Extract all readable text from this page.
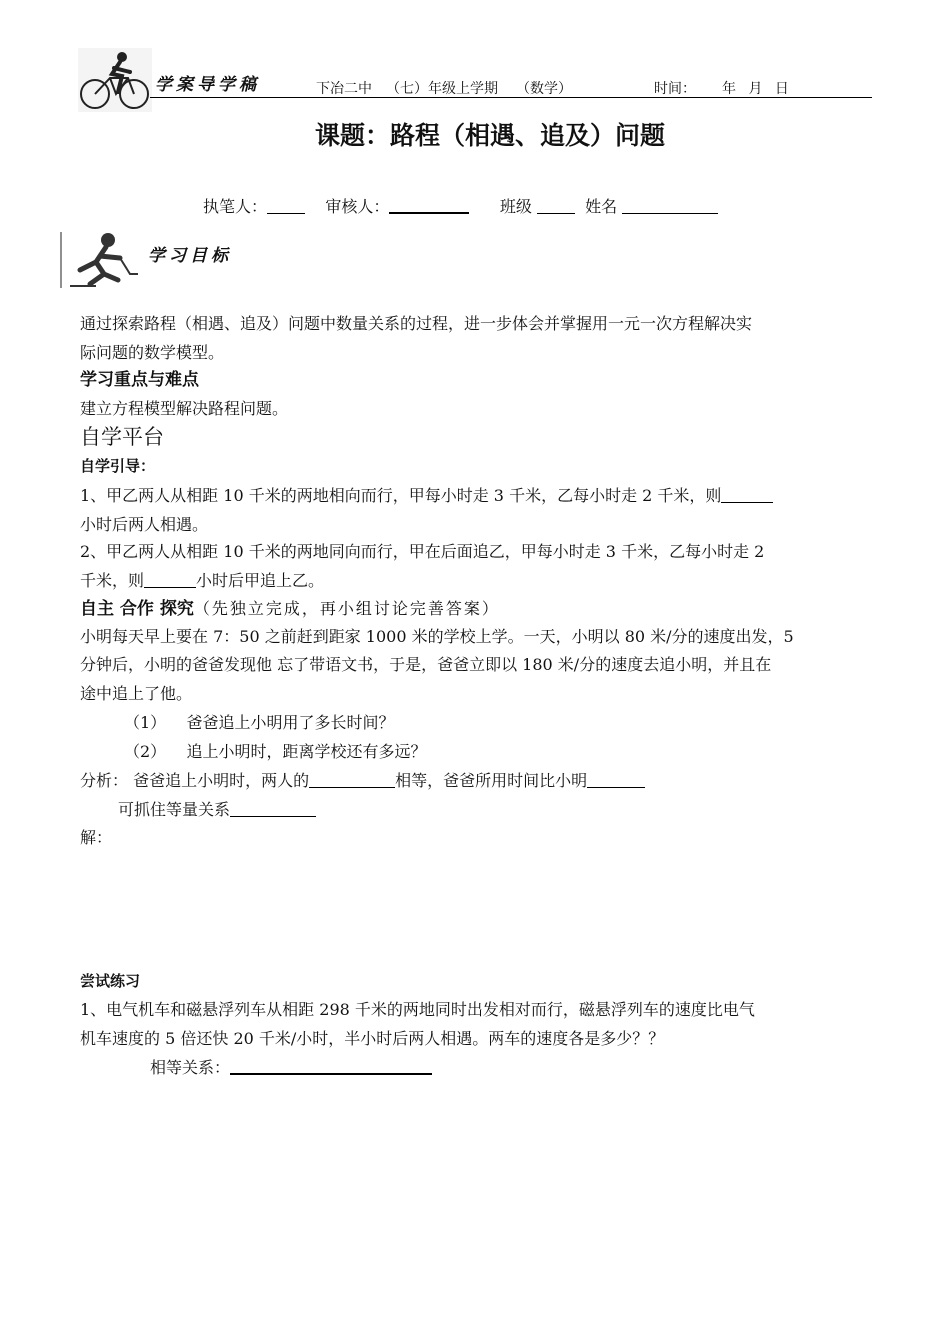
学案导学稿	下冶二中 （七）年级上学期 （数学）	时间： 年 月 日
课题：路程（相遇、追及）问题
执笔人：	审核人：	班级	姓名
学习目标
通过探索路程（相遇、追及）问题中数量关系的过程，进一步体会并掌握用一元一次方程解决实
际问题的数学模型。
学习重点与难点
建立方程模型解决路程问题。
自学平台
自学引导：
1、甲乙两人从相距 10 千米的两地相向而行，甲每小时走 3 千米，乙每小时走 2 千米，则
小时后两人相遇。
2、甲乙两人从相距 10 千米的两地同向而行，甲在后面追乙，甲每小时走 3 千米，乙每小时走 2
千米，则	小时后甲追上乙。
自主 合作 探究（先独立完成，再小组讨论完善答案）
小明每天早上要在 7：50 之前赶到距家 1000 米的学校上学。一天，小明以 80 米/分的速度出发，5
分钟后，小明的爸爸发现他 忘了带语文书，于是，爸爸立即以 180 米/分的速度去追小明，并且在
途中追上了他。
（1） 爸爸追上小明用了多长时间？
（2） 追上小明时，距离学校还有多远？
分析： 爸爸追上小明时，两人的	相等，爸爸所用时间比小明
可抓住等量关系
解：
尝试练习
1、电气机车和磁悬浮列车从相距 298 千米的两地同时出发相对而行，磁悬浮列车的速度比电气
机车速度的 5 倍还快 20 千米/小时，半小时后两人相遇。两车的速度各是多少？？
相等关系：
